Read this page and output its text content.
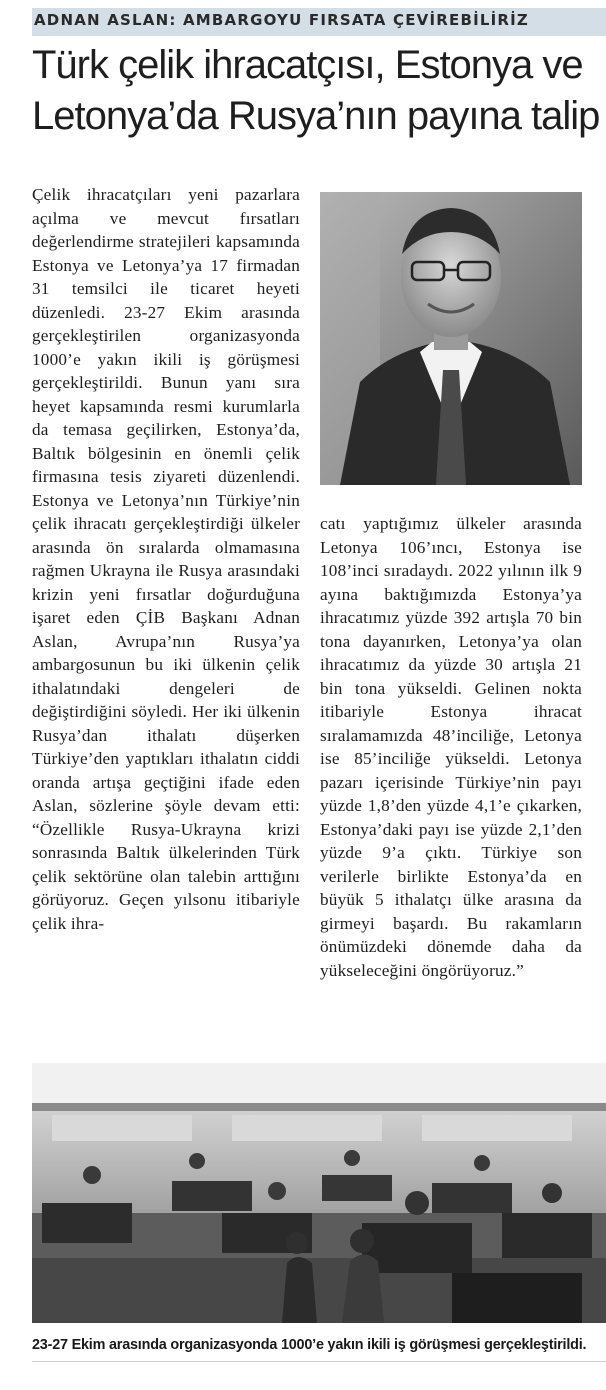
ADNAN ASLAN: AMBARGOYU FIRSATA ÇEVİREBİLİRİZ
Türk çelik ihracatçısı, Estonya ve Letonya’da Rusya’nın payına talip

Çelik ihracatçıları yeni pazarlara açılma ve mevcut fırsatları değerlendirme stratejileri kapsamında Estonya ve Letonya’ya 17 firmadan 31 temsilci ile ticaret heyeti düzenledi. 23-27 Ekim arasında gerçekleştirilen organizasyonda 1000’e yakın ikili iş görüşmesi gerçekleştirildi. Bunun yanı sıra heyet kapsamında resmi kurumlarla da temasa geçilirken, Estonya’da, Baltık bölgesinin en önemli çelik firmasına tesis ziyareti düzenlendi. Estonya ve Letonya’nın Türkiye’nin çelik ihracatı gerçekleştirdiği ülkeler arasında ön sıralarda olmamasına rağmen Ukrayna ile Rusya arasındaki krizin yeni fırsatlar doğurduğuna işaret eden ÇİB Başkanı Adnan Aslan, Avrupa’nın Rusya’ya ambargosunun bu iki ülkenin çelik ithalatındaki dengeleri de değiştirdiğini söyledi. Her iki ülkenin Rusya’dan ithalatı düşerken Türkiye’den yaptıkları ithalatın ciddi oranda artışa geçtiğini ifade eden Aslan, sözlerine şöyle devam etti: “Özellikle Rusya-Ukrayna krizi sonrasında Baltık ülkelerinden Türk çelik sektörüne olan talebin arttığını görüyoruz. Geçen yılsonu itibariyle çelik ihra-

catı yaptığımız ülkeler arasında Letonya 106’ıncı, Estonya ise 108’inci sıradaydı. 2022 yılının ilk 9 ayına baktığımızda Estonya’ya ihracatımız yüzde 392 artışla 70 bin tona dayanırken, Letonya’ya olan ihracatımız da yüzde 30 artışla 21 bin tona yükseldi. Gelinen nokta itibariyle Estonya ihracat sıralamamızda 48’inciliğe, Letonya ise 85’inciliğe yükseldi. Letonya pazarı içerisinde Türkiye’nin payı yüzde 1,8’den yüzde 4,1’e çıkarken, Estonya’daki payı ise yüzde 2,1’den yüzde 9’a çıktı. Türkiye son verilerle birlikte Estonya’da en büyük 5 ithalatçı ülke arasına da girmeyi başardı. Bu rakamların önümüzdeki dönemde daha da yükseleceğini öngörüyoruz.”

23-27 Ekim arasında organizasyonda 1000’e yakın ikili iş görüşmesi gerçekleştirildi.
